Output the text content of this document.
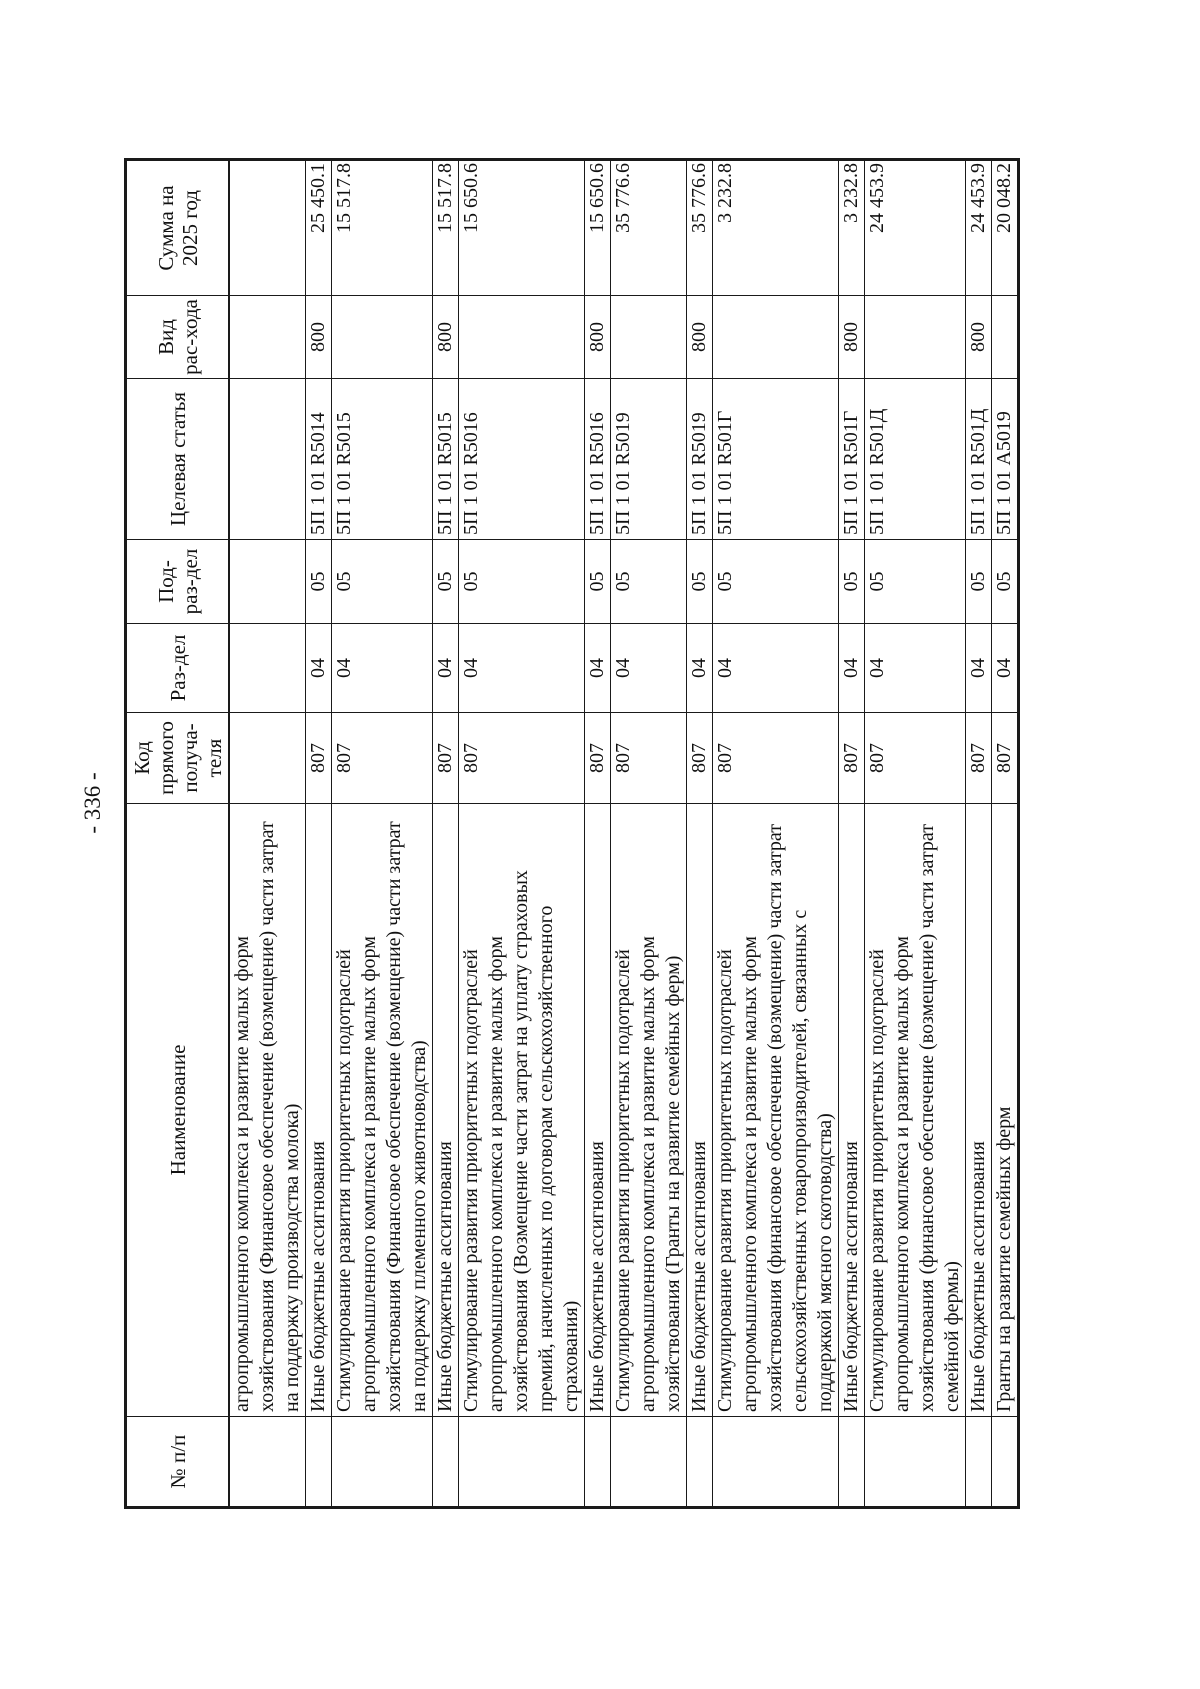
- 336 -
№ п/п	Наименование	Код прямого получа-теля	Раз-дел	Под-раз-дел	Целевая статья	Вид рас-хода	Сумма на 2025 год
	агропромышленного комплекса и развитие малых форм хозяйствования (Финансовое обеспечение (возмещение) части затрат на поддержку производства молока)						
	Иные бюджетные ассигнования	807	04	05	5П 1 01 R5014	800	25 450.1
	Стимулирование развития приоритетных подотраслей агропромышленного комплекса и развитие малых форм хозяйствования (Финансовое обеспечение (возмещение) части затрат на поддержку племенного животноводства)	807	04	05	5П 1 01 R5015		15 517.8
	Иные бюджетные ассигнования	807	04	05	5П 1 01 R5015	800	15 517.8
	Стимулирование развития приоритетных подотраслей агропромышленного комплекса и развитие малых форм хозяйствования (Возмещение части затрат на уплату страховых премий, начисленных по договорам сельскохозяйственного страхования)	807	04	05	5П 1 01 R5016		15 650.6
	Иные бюджетные ассигнования	807	04	05	5П 1 01 R5016	800	15 650.6
	Стимулирование развития приоритетных подотраслей агропромышленного комплекса и развитие малых форм хозяйствования (Гранты на развитие семейных ферм)	807	04	05	5П 1 01 R5019		35 776.6
	Иные бюджетные ассигнования	807	04	05	5П 1 01 R5019	800	35 776.6
	Стимулирование развития приоритетных подотраслей агропромышленного комплекса и развитие малых форм хозяйствования (финансовое обеспечение (возмещение) части затрат сельскохозяйственных товаропроизводителей, связанных с поддержкой мясного скотоводства)	807	04	05	5П 1 01 R501Г		3 232.8
	Иные бюджетные ассигнования	807	04	05	5П 1 01 R501Г	800	3 232.8
	Стимулирование развития приоритетных подотраслей агропромышленного комплекса и развитие малых форм хозяйствования (финансовое обеспечение (возмещение) части затрат семейной фермы)	807	04	05	5П 1 01 R501Д		24 453.9
	Иные бюджетные ассигнования	807	04	05	5П 1 01 R501Д	800	24 453.9
	Гранты на развитие семейных ферм	807	04	05	5П 1 01 A5019		20 048.2
